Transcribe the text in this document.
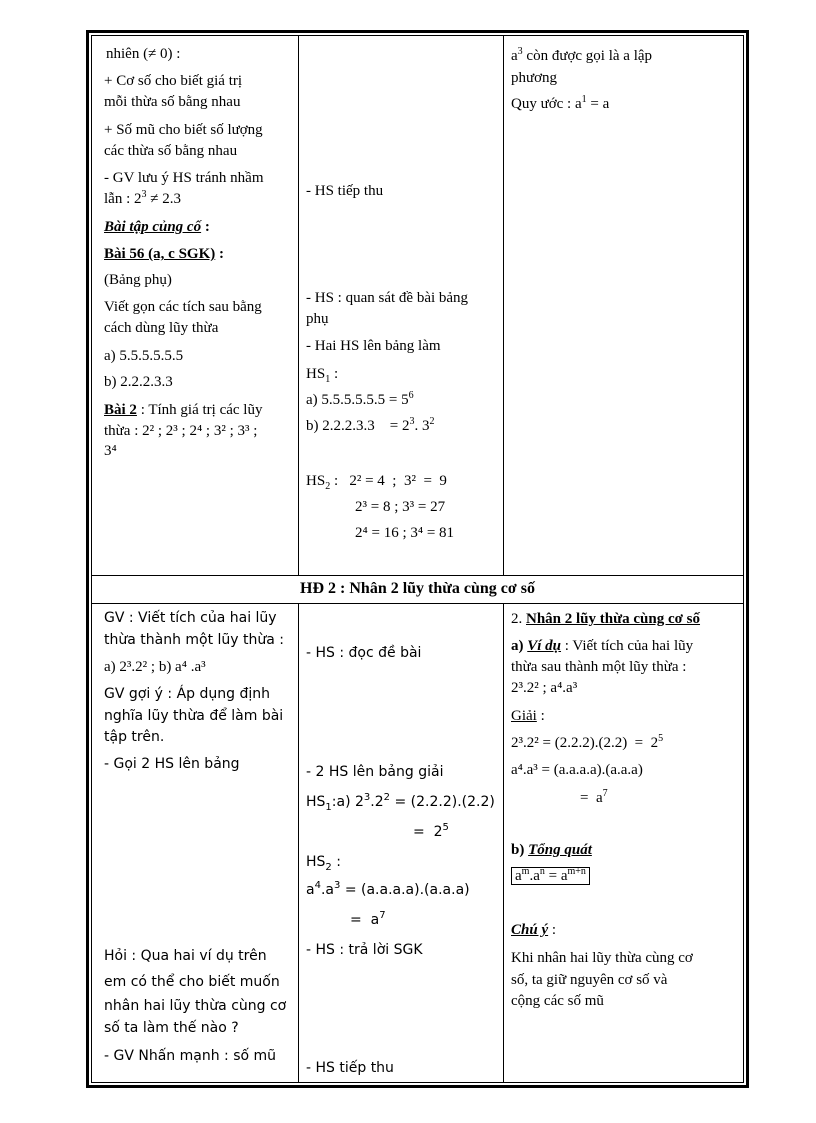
nhiên (≠ 0) :
+ Cơ số cho biết giá trị
mỗi thừa số bằng nhau
+ Số mũ cho biết số lượng
các thừa số bằng nhau
- GV lưu ý HS tránh nhầm
lẫn : $2^3 \ne 2.3$
Bài tập củng cố :
Bài 56 (a, c SGK) :
(Bảng phụ)
Viết gọn các tích sau bằng
cách dùng lũy thừa
a) 5.5.5.5.5.5
b) 2.2.2.3.3
Bài 2 : Tính giá trị các lũy
thừa : 2² ; 2³ ; 2⁴ ; 3² ; 3³ ;
3⁴
- HS tiếp thu
- HS : quan sát đề bài bảng
phụ
- Hai HS lên bảng làm
$HS_1$ :
a) $5.5.5.5.5.5 = 5^6$
b) 2.2.2.3.3    = $2^3$. $3^2$
$HS_2$ :   2² = 4  ;  3²  =  9
2³ = 8 ; 3³ = 27
2⁴ = 16 ; 3⁴ = 81
$a^3$ còn được gọi là a lập
phương
Quy ước : $a^1 = a$
HĐ 2 : Nhân 2 lũy thừa cùng cơ số
GV : Viết tích của hai lũy
thừa thành một lũy thừa :
a) 2³.2² ; b) a⁴ .a³
GV gợi ý : Áp dụng định
nghĩa lũy thừa để làm bài
tập trên.
- Gọi 2 HS lên bảng
Hỏi : Qua hai ví dụ trên
em có thể cho biết muốn
nhân hai lũy thừa cùng cơ
số ta làm thế nào ?
- GV Nhấn mạnh : số mũ
- HS : đọc đề bài
- 2 HS lên bảng giải
$HS_1:a$) $2^3.2^2 = (2.2.2).(2.2)$
=  $2^5$
$HS_2$ :
$a^4.a^3 = (a.a.a.a).(a.a.a)$
=  $a^7$
- HS : trả lời SGK
- HS tiếp thu
2. Nhân 2 lũy thừa cùng cơ số
a) Ví dụ : Viết tích của hai lũy
thừa sau thành một lũy thừa :
2³.2² ; a⁴.a³
Giải :
$2^3.2^2 = (2.2.2).(2.2) = 2^5$
a⁴.a³ = (a.a.a.a).(a.a.a)
=  $a^7$
b) Tổng quát
$a^m.a^n = a^{m+n}$
Chú ý :
Khi nhân hai lũy thừa cùng cơ
số, ta giữ nguyên cơ số và
cộng các số mũ
